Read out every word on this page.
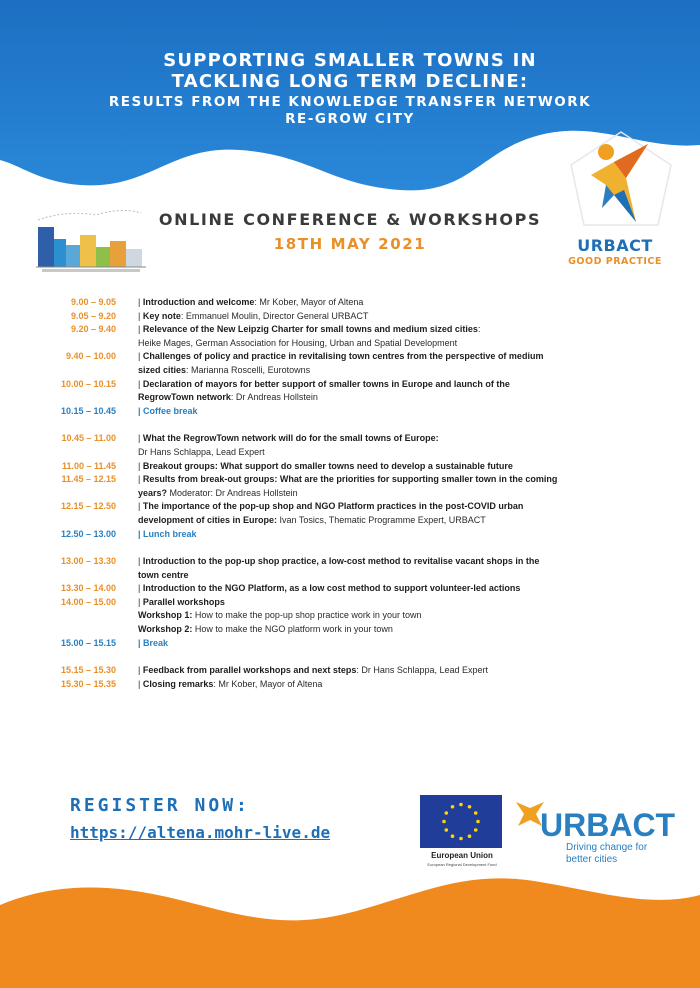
SUPPORTING SMALLER TOWNS IN
TACKLING LONG TERM DECLINE:
RESULTS FROM THE KNOWLEDGE TRANSFER NETWORK
RE-GROW CITY
ONLINE CONFERENCE & WORKSHOPS
18TH MAY 2021	URBACT
GOOD PRACTICE
9.00 – 9.05	| Introduction and welcome: Mr Kober, Mayor of Altena
9.05 – 9.20	| Key note: Emmanuel Moulin, Director General URBACT
9.20 – 9.40	| Relevance of the New Leipzig Charter for small towns and medium sized cities:
Heike Mages, German Association for Housing, Urban and Spatial Development
9.40 – 10.00	| Challenges of policy and practice in revitalising town centres from the perspective of medium
sized cities: Marianna Roscelli, Eurotowns
10.00 – 10.15	| Declaration of mayors for better support of smaller towns in Europe and launch of the
RegrowTown network: Dr Andreas Hollstein
10.15 – 10.45	| Coffee break
10.45 – 11.00	| What the RegrowTown network will do for the small towns of Europe:
Dr Hans Schlappa, Lead Expert
11.00 – 11.45	| Breakout groups: What support do smaller towns need to develop a sustainable future
11.45 – 12.15	| Results from break-out groups: What are the priorities for supporting smaller town in the coming
years? Moderator: Dr Andreas Hollstein
12.15 – 12.50	| The importance of the pop-up shop and NGO Platform practices in the post-COVID urban
development of cities in Europe: Ivan Tosics, Thematic Programme Expert, URBACT
12.50 – 13.00	| Lunch break
13.00 – 13.30	| Introduction to the pop-up shop practice, a low-cost method to revitalise vacant shops in the
town centre
13.30 – 14.00	| Introduction to the NGO Platform, as a low cost method to support volunteer-led actions
14.00 – 15.00	| Parallel workshops
Workshop 1: How to make the pop-up shop practice work in your town
Workshop 2: How to make the NGO platform work in your town
15.00 – 15.15	| Break
15.15 – 15.30	| Feedback from parallel workshops and next steps: Dr Hans Schlappa, Lead Expert
15.30 – 15.35	| Closing remarks: Mr Kober, Mayor of Altena
REGISTER NOW:
https://altena.mohr-live.de
European Union
European Regional Development Fund
URBACT
Driving change for
better cities
